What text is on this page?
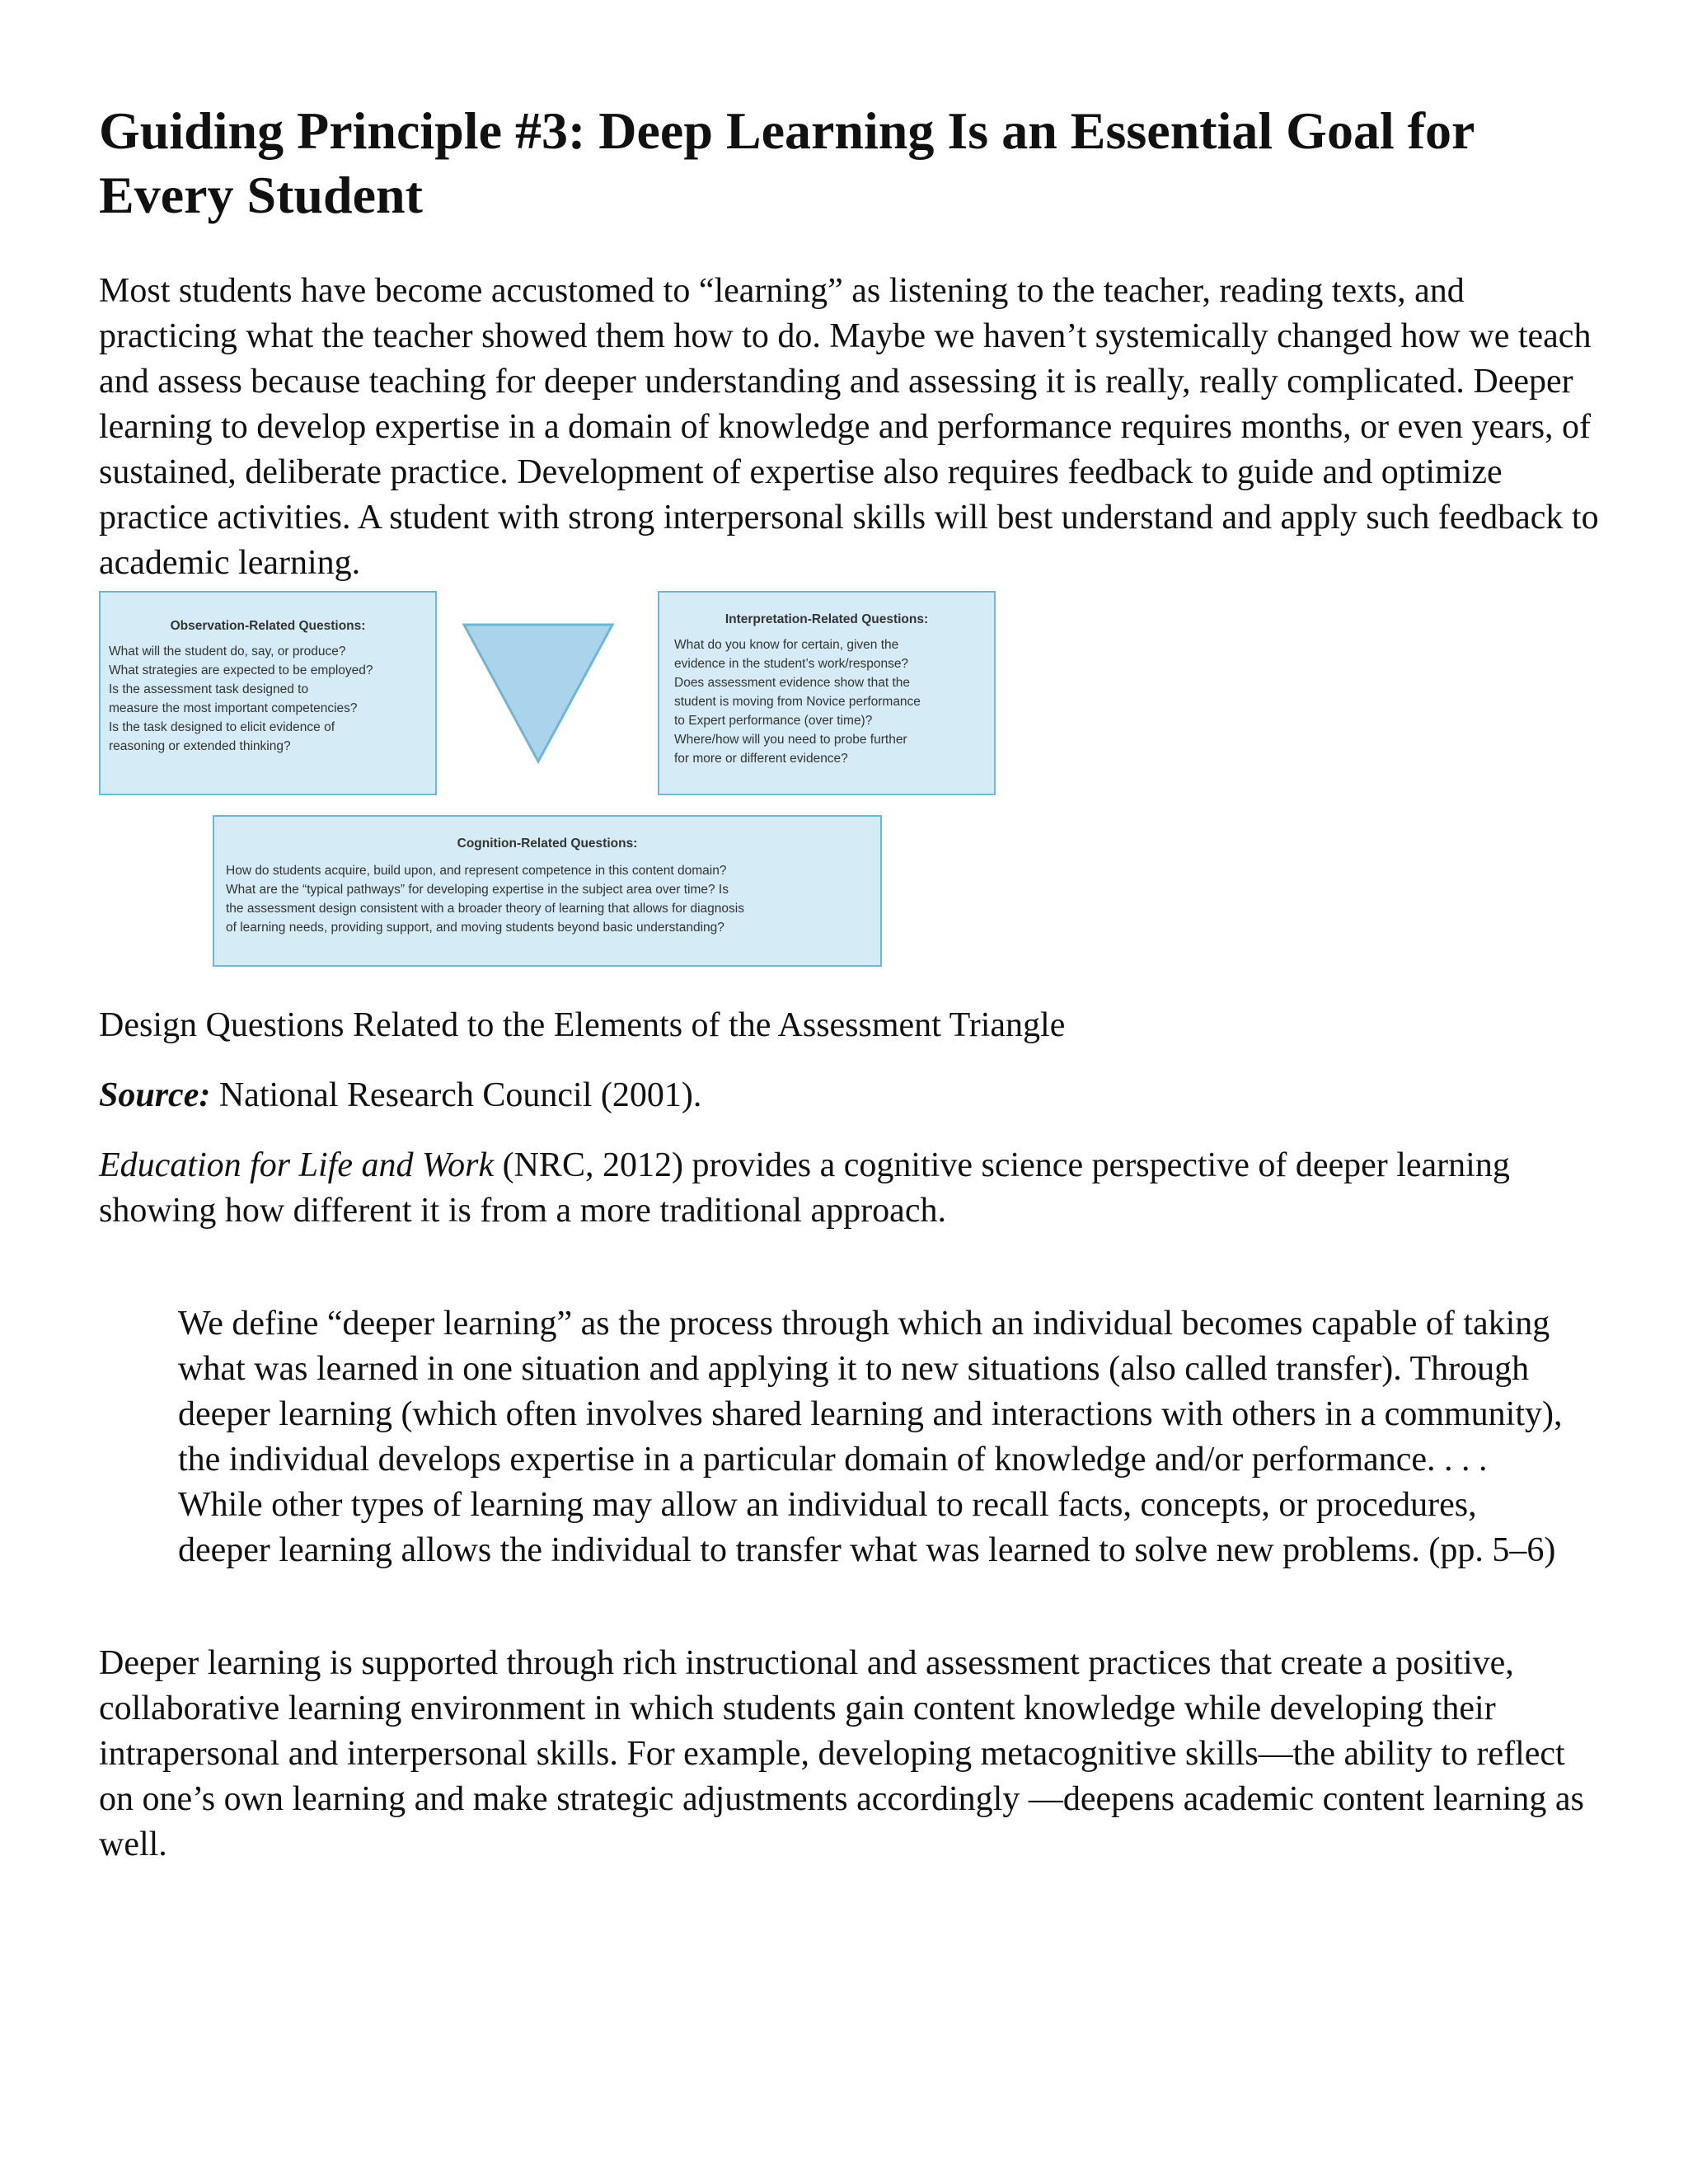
Guiding Principle #3: Deep Learning Is an Essential Goal for Every Student

Most students have become accustomed to “learning” as listening to the teacher, reading texts, and practicing what the teacher showed them how to do. Maybe we haven’t systemically changed how we teach and assess because teaching for deeper understanding and assessing it is really, really complicated. Deeper learning to develop expertise in a domain of knowledge and performance requires months, or even years, of sustained, deliberate practice. Development of expertise also requires feedback to guide and optimize practice activities. A student with strong interpersonal skills will best understand and apply such feedback to academic learning.

Observation-Related Questions:
What will the student do, say, or produce?
What strategies are expected to be employed?
Is the assessment task designed to
measure the most important competencies?
Is the task designed to elicit evidence of
reasoning or extended thinking?
Interpretation-Related Questions:
What do you know for certain, given the
evidence in the student’s work/response?
Does assessment evidence show that the
student is moving from Novice performance
to Expert performance (over time)?
Where/how will you need to probe further
for more or different evidence?
Cognition-Related Questions:
How do students acquire, build upon, and represent competence in this content domain?
What are the “typical pathways” for developing expertise in the subject area over time? Is
the assessment design consistent with a broader theory of learning that allows for diagnosis
of learning needs, providing support, and moving students beyond basic understanding?

Design Questions Related to the Elements of the Assessment Triangle

Source: National Research Council (2001).

Education for Life and Work (NRC, 2012) provides a cognitive science perspective of deeper learning showing how different it is from a more traditional approach.

We define “deeper learning” as the process through which an individual becomes capable of taking what was learned in one situation and applying it to new situations (also called transfer). Through deeper learning (which often involves shared learning and interactions with others in a community), the individual develops expertise in a particular domain of knowledge and/or performance. . . . While other types of learning may allow an individual to recall facts, concepts, or procedures, deeper learning allows the individual to transfer what was learned to solve new problems. (pp. 5–6)

Deeper learning is supported through rich instructional and assessment practices that create a positive, collaborative learning environment in which students gain content knowledge while developing their intrapersonal and interpersonal skills. For example, developing metacognitive skills—the ability to reflect on one’s own learning and make strategic adjustments accordingly —deepens academic content learning as well.
